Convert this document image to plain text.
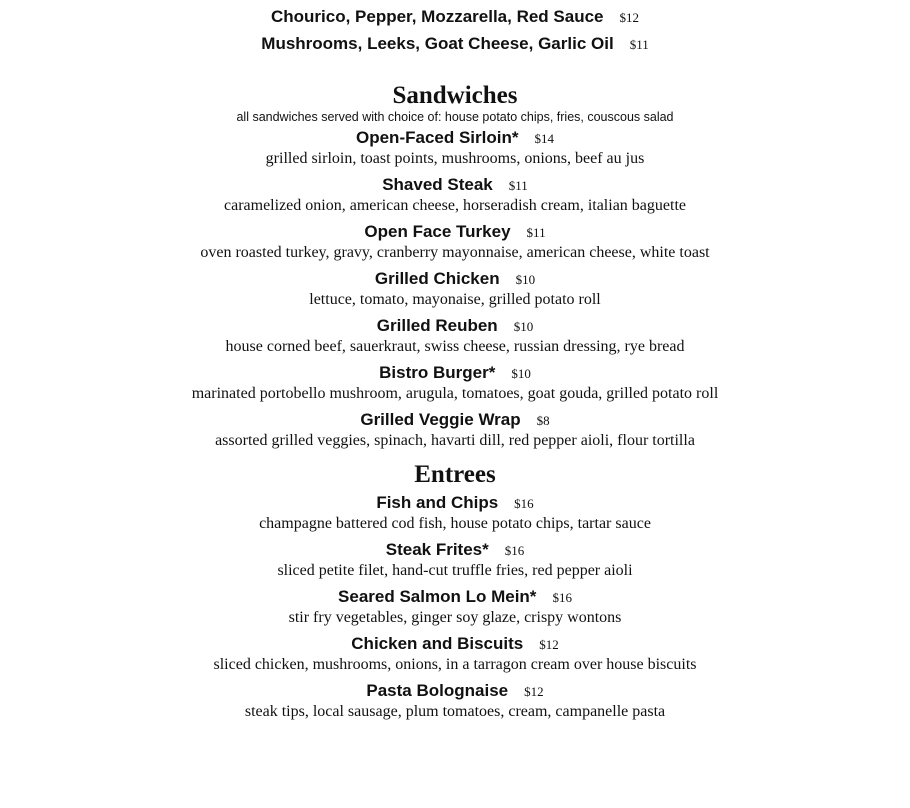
Chourico, Pepper, Mozzarella, Red Sauce $12

Mushrooms, Leeks, Goat Cheese, Garlic Oil $11

Sandwiches

all sandwiches served with choice of: house potato chips, fries, couscous salad

Open-Faced Sirloin* $14

grilled sirloin, toast points, mushrooms, onions, beef au jus

Shaved Steak $11

caramelized onion, american cheese, horseradish cream, italian baguette

Open Face Turkey $11

oven roasted turkey, gravy, cranberry mayonnaise, american cheese, white toast

Grilled Chicken $10

lettuce, tomato, mayonaise, grilled potato roll

Grilled Reuben $10

house corned beef, sauerkraut, swiss cheese, russian dressing, rye bread

Bistro Burger* $10

marinated portobello mushroom, arugula, tomatoes, goat gouda, grilled potato roll

Grilled Veggie Wrap $8

assorted grilled veggies, spinach, havarti dill, red pepper aioli, flour tortilla

Entrees

Fish and Chips $16

champagne battered cod fish, house potato chips, tartar sauce

Steak Frites* $16

sliced petite filet, hand-cut truffle fries, red pepper aioli

Seared Salmon Lo Mein* $16

stir fry vegetables, ginger soy glaze, crispy wontons

Chicken and Biscuits $12

sliced chicken, mushrooms, onions, in a tarragon cream over house biscuits

Pasta Bolognaise $12

steak tips, local sausage, plum tomatoes, cream, campanelle pasta
